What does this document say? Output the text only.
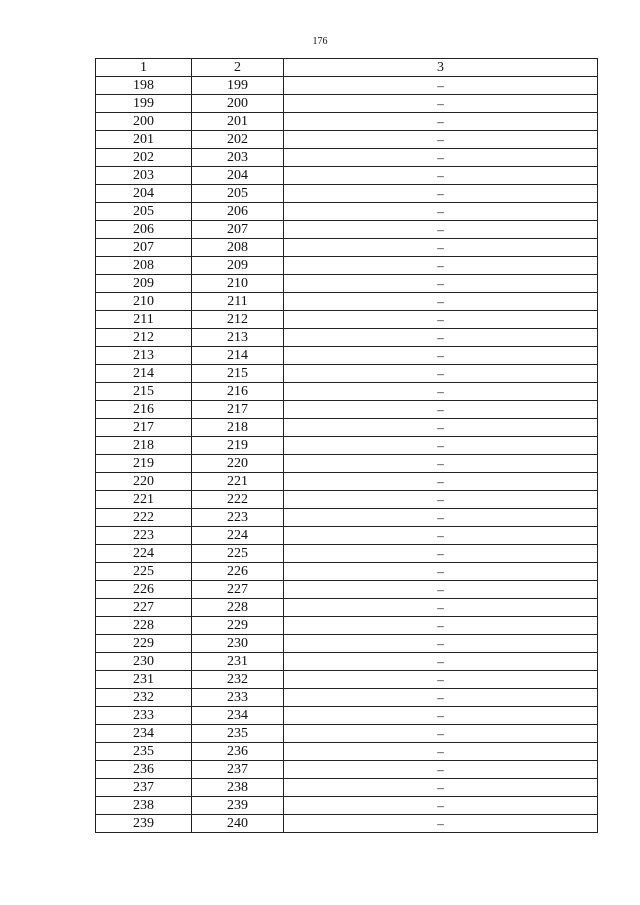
176
1	2	3
198	199	–
199	200	–
200	201	–
201	202	–
202	203	–
203	204	–
204	205	–
205	206	–
206	207	–
207	208	–
208	209	–
209	210	–
210	211	–
211	212	–
212	213	–
213	214	–
214	215	–
215	216	–
216	217	–
217	218	–
218	219	–
219	220	–
220	221	–
221	222	–
222	223	–
223	224	–
224	225	–
225	226	–
226	227	–
227	228	–
228	229	–
229	230	–
230	231	–
231	232	–
232	233	–
233	234	–
234	235	–
235	236	–
236	237	–
237	238	–
238	239	–
239	240	–
